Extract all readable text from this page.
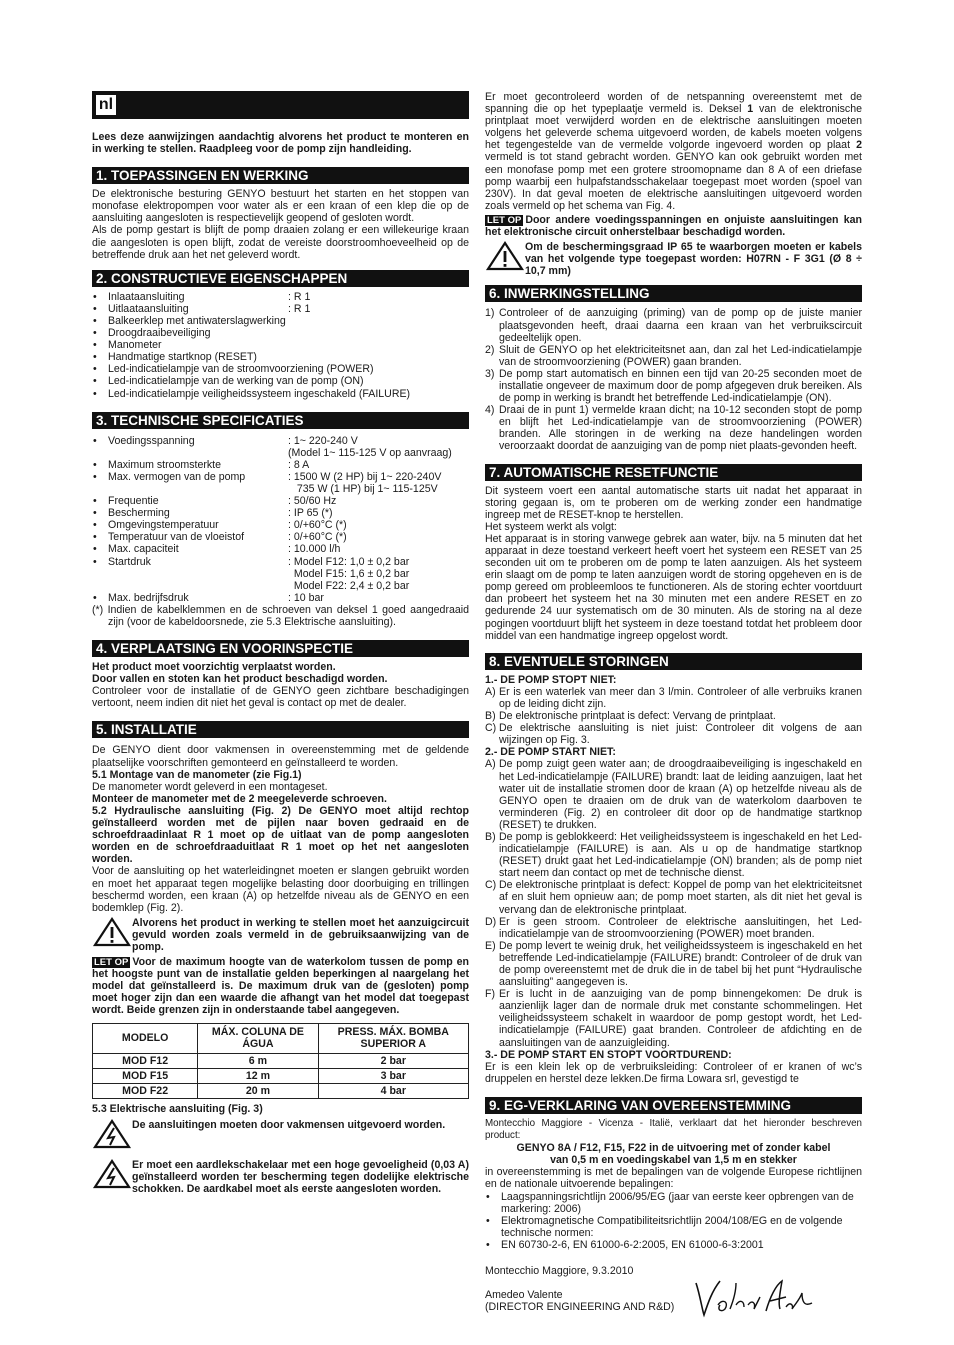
nl

Lees deze aanwijzingen aandachtig alvorens het product te monteren en in werking te stellen. Raadpleeg voor de pomp zijn handleiding.

1. TOEPASSINGEN EN WERKING

De elektronische besturing GENYO bestuurt het starten en het stoppen van monofase elektropompen voor water als er een kraan of een klep die op de aansluiting aangesloten is respectievelijk geopend of gesloten wordt.

Als de pomp gestart is blijft de pomp draaien zolang er een willekeurige kraan die aangesloten is open blijft, zodat de vereiste doorstroomhoeveelheid op de betreffende druk aan het net geleverd wordt.

2. CONSTRUCTIEVE EIGENSCHAPPEN
• Inlaataansluiting	: R 1
• Uitlaataansluiting	: R 1
• Balkeerklep met antiwaterslagwerking
• Droogdraaibeveiliging
• Manometer
• Handmatige startknop (RESET)
• Led-indicatielampje van de stroomvoorziening (POWER)
• Led-indicatielampje van de werking van de pomp (ON)
• Led-indicatielampje veiligheidssysteem ingeschakeld (FAILURE)
3. TECHNISCHE SPECIFICATIES
• Voedingsspanning	: 1~ 220-240 V
(Model 1~ 115-125 V op aanvraag)
• Maximum stroomsterkte	: 8 A
• Max. vermogen van de pomp	: 1500 W (2 HP) bij 1~ 220-240V
735 W (1 HP) bij 1~ 115-125V
• Frequentie	: 50/60 Hz
• Bescherming	: IP 65 (*)
• Omgevingstemperatuur	: 0/+60°C (*)
• Temperatuur van de vloeistof	: 0/+60°C (*)
• Max. capaciteit	: 10.000 l/h
• Startdruk	: Model F12: 1,0 ± 0,2 bar
Model F15: 1,6 ± 0,2 bar
Model F22: 2,4 ± 0,2 bar
• Max. bedrijfsdruk	: 10 bar

(*) Indien de kabelklemmen en de schroeven van deksel 1 goed aangedraaid zijn (voor de kabeldoorsnede, zie 5.3 Elektrische aansluiting).

4. VERPLAATSING EN VOORINSPECTIE

Het product moet voorzichtig verplaatst worden.

Door vallen en stoten kan het product beschadigd worden.

Controleer voor de installatie of de GENYO geen zichtbare beschadigingen vertoont, neem indien dit niet het geval is contact op met de dealer.

5. INSTALLATIE

De GENYO dient door vakmensen in overeenstemming met de geldende plaatselijke voorschriften gemonteerd en geïnstalleerd te worden.

5.1 Montage van de manometer (zie Fig.1)

De manometer wordt geleverd in een montageset.

Monteer de manometer met de 2 meegeleverde schroeven.

5.2 Hydraulische aansluiting (Fig. 2) De GENYO moet altijd rechtop geïnstalleerd worden met de pijlen naar boven gedraaid en de schroefdraadinlaat R 1 moet op de uitlaat van de pomp aangesloten worden en de schroefdraaduitlaat R 1 moet op het net aangesloten worden.

Voor de aansluiting op het waterleidingnet moeten er slangen gebruikt worden en moet het apparaat tegen mogelijke belasting door doorbuiging en trillingen beschermd worden, een kraan (A) op hetzelfde niveau als de GENYO en een bodemklep (Fig. 2).

Alvorens het product in werking te stellen moet het aanzuigcircuit gevuld worden zoals vermeld in de gebruiksaanwijzing van de pomp.

LET OP Voor de maximum hoogte van de waterkolom tussen de pomp en het hoogste punt van de installatie gelden beperkingen al naargelang het model dat geïnstalleerd is. De maximum druk van de (gesloten) pomp moet hoger zijn dan een waarde die afhangt van het model dat toegepast wordt. Beide grenzen zijn in onderstaande tabel aangegeven.

MODELO	MÁX. COLUNA DE ÁGUA	PRESS. MÁX. BOMBA SUPERIOR A
MOD F12	6 m	2 bar
MOD F15	12 m	3 bar
MOD F22	20 m	4 bar

5.3 Elektrische aansluiting (Fig. 3)

De aansluitingen moeten door vakmensen uitgevoerd worden.
Er moet een aardlekschakelaar met een hoge gevoeligheid (0,03 A) geïnstalleerd worden ter bescherming tegen dodelijke elektrische schokken. De aardkabel moet als eerste aangesloten worden.

Er moet gecontroleerd worden of de netspanning overeenstemt met de spanning die op het typeplaatje vermeld is. Deksel 1 van de elektronische printplaat moet verwijderd worden en de elektrische aansluitingen moeten volgens het geleverde schema uitgevoerd worden, de kabels moeten volgens het tegengestelde van de vermelde volgorde ingevoerd worden op plaat 2 vermeld is tot stand gebracht worden. GENYO kan ook gebruikt worden met een monofase pomp met een grotere stroomopname dan 8 A of een driefase pomp waarbij een hulpafstandsschakelaar toegepast moet worden (spoel van 230V). In dat geval moeten de elektrische aansluitingen uitgevoerd worden zoals vermeld op het schema van Fig. 4.

LET OP Door andere voedingsspanningen en onjuiste aansluitingen kan het elektronische circuit onherstelbaar beschadigd worden.

Om de beschermingsgraad IP 65 te waarborgen moeten er kabels van het volgende type toegepast worden: H07RN - F 3G1 (Ø 8 ÷ 10,7 mm)
6. INWERKINGSTELLING
1) Controleer of de aanzuiging (priming) van de pomp op de juiste manier plaatsgevonden heeft, draai daarna een kraan van het verbruikscircuit gedeeltelijk open.
2) Sluit de GENYO op het elektriciteitsnet aan, dan zal het Led-indicatielampje van de stroomvoorziening (POWER) gaan branden.
3) De pomp start automatisch en binnen een tijd van 20-25 seconden moet de installatie ongeveer de maximum door de pomp afgegeven druk bereiken. Als de pomp in werking is brandt het betreffende Led-indicatielampje (ON).
4) Draai de in punt 1) vermelde kraan dicht; na 10-12 seconden stopt de pomp en blijft het Led-indicatielampje van de stroomvoorziening (POWER) branden. Alle storingen in de werking na deze handelingen worden veroorzaakt doordat de aanzuiging van de pomp niet plaats-gevonden heeft.
7. AUTOMATISCHE RESETFUNCTIE

Dit systeem voert een aantal automatische starts uit nadat het apparaat in storing gegaan is, om te proberen om de werking zonder een handmatige ingreep met de RESET-knop te herstellen.

Het systeem werkt als volgt:

Het apparaat is in storing vanwege gebrek aan water, bijv. na 5 minuten dat het apparaat in deze toestand verkeert heeft voert het systeem een RESET van 25 seconden uit om te proberen om de pomp te laten aanzuigen. Als het systeem erin slaagt om de pomp te laten aanzuigen wordt de storing opgeheven en is de pomp gereed om probleemloos te functioneren. Als de storing echter voortduurt dan probeert het systeem het na 30 minuten met een andere RESET en zo gedurende 24 uur systematisch om de 30 minuten. Als de storing na al deze pogingen voortduurt blijft het systeem in deze toestand totdat het probleem door middel van een handmatige ingreep opgelost wordt.

8. EVENTUELE STORINGEN

1.- DE POMP STOPT NIET:

A) Er is een waterlek van meer dan 3 l/min. Controleer of alle verbruiks kranen op de leiding dicht zijn.
B) De elektronische printplaat is defect: Vervang de printplaat.
C) De elektrische aansluiting is niet juist: Controleer dit volgens de aan wijzingen op Fig. 3.

2.- DE POMP START NIET:

A) De pomp zuigt geen water aan; de droogdraaibeveiliging is ingeschakeld en het Led-indicatielampje (FAILURE) brandt: laat de leiding aanzuigen, laat het water uit de installatie stromen door de kraan (A) op hetzelfde niveau als de GENYO open te draaien om de druk van de waterkolom daarboven te verminderen (Fig. 2) en controleer dit door op de handmatige startknop (RESET) te drukken.
B) De pomp is geblokkeerd: Het veiligheidssysteem is ingeschakeld en het Led-indicatielampje (FAILURE) is aan. Als u op de handmatige startknop (RESET) drukt gaat het Led-indicatielampje (ON) branden; als de pomp niet start neem dan contact op met de technische dienst.
C) De elektronische printplaat is defect: Koppel de pomp van het elektriciteitsnet af en sluit hem opnieuw aan; de pomp moet starten, als dit niet het geval is vervang dan de elektronische printplaat.
D) Er is geen stroom. Controleer de elektrische aansluitingen, het Led-indicatielampje van de stroomvoorziening (POWER) moet branden.
E) De pomp levert te weinig druk, het veiligheidssysteem is ingeschakeld en het betreffende Led-indicatielampje (FAILURE) brandt: Controleer of de druk van de pomp overeenstemt met de druk die in de tabel bij het punt “Hydraulische aansluiting” aangegeven is.
F) Er is lucht in de aanzuiging van de pomp binnengekomen: De druk is aanzienlijk lager dan de normale druk met constante schommelingen. Het veiligheidssysteem schakelt in waardoor de pomp gestopt wordt, het Led-indicatielampje (FAILURE) gaat branden. Controleer de afdichting en de aansluitingen van de aanzuigleiding.

3.- DE POMP START EN STOPT VOORTDUREND:

Er is een klein lek op de verbruiksleiding: Controleer of er kranen of wc’s druppelen en herstel deze lekken.De firma Lowara srl, gevestigd te

9. EG-VERKLARING VAN OVEREENSTEMMING

Montecchio Maggiore - Vicenza - Italië, verklaart dat het hieronder beschreven product:

GENYO 8A / F12, F15, F22 in de uitvoering met of zonder kabel van 0,5 m en voedingskabel van 1,5 m en stekker

in overeenstemming is met de bepalingen van de volgende Europese richtlijnen en de nationale uitvoerende bepalingen:

• Laagspanningsrichtlijn 2006/95/EG (jaar van eerste keer opbrengen van de markering: 2006)
• Elektromagnetische Compatibiliteitsrichtlijn 2004/108/EG en de volgende technische normen:
• EN 60730-2-6, EN 61000-6-2:2005, EN 61000-6-3:2001

Montecchio Maggiore, 9.3.2010

Amedeo Valente

(DIRECTOR ENGINEERING AND R&D)
